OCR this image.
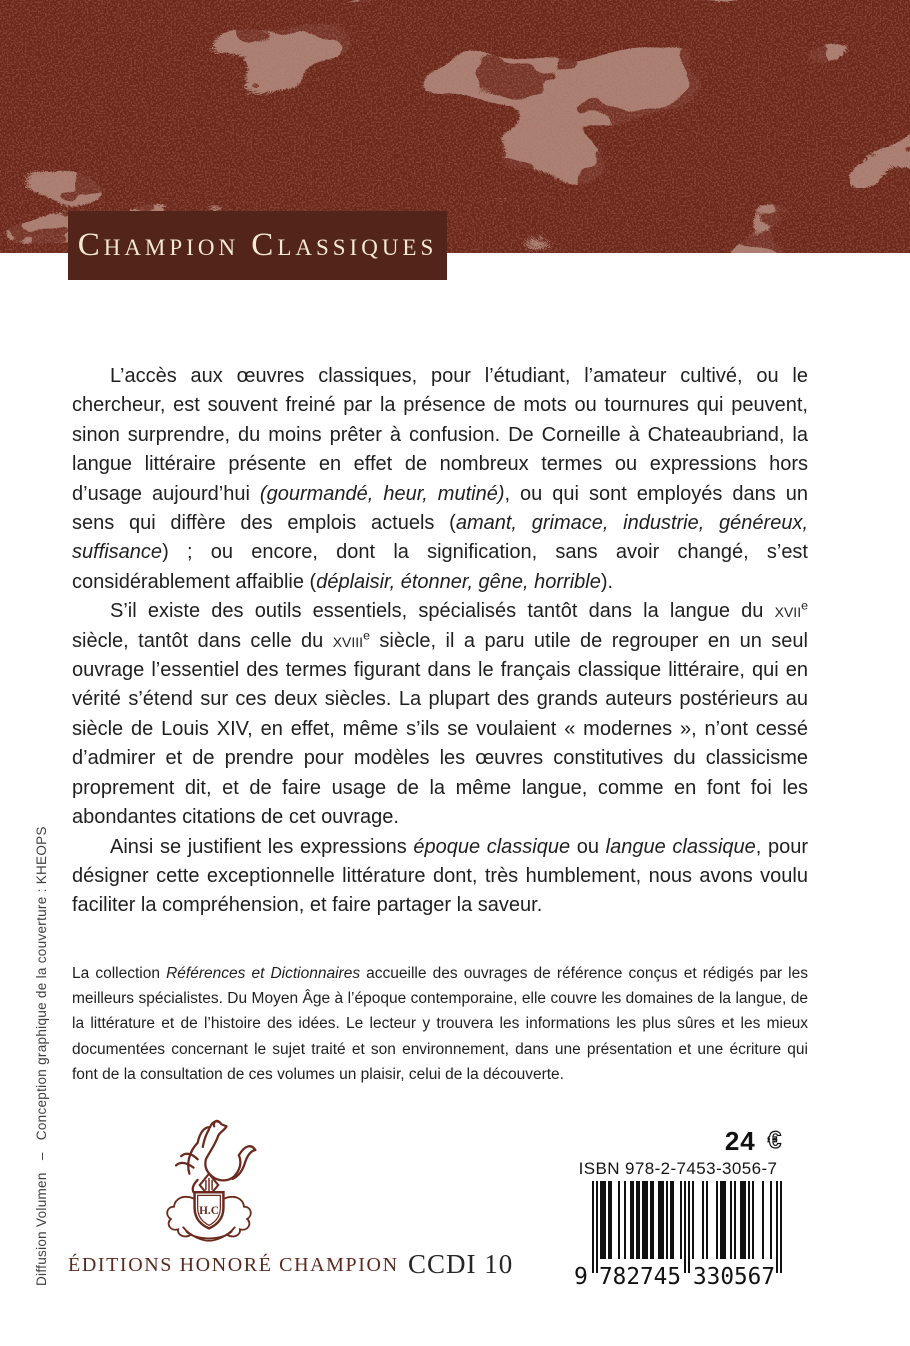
Champion Classiques

L’accès aux œuvres classiques, pour l’étudiant, l’amateur cultivé, ou le chercheur, est souvent freiné par la présence de mots ou tournures qui peuvent, sinon surprendre, du moins prêter à confusion. De Corneille à Chateaubriand, la langue littéraire présente en effet de nombreux termes ou expressions hors d’usage aujourd’hui (gourmandé, heur, mutiné), ou qui sont employés dans un sens qui diffère des emplois actuels (amant, grimace, industrie, généreux, suffisance) ; ou encore, dont la signification, sans avoir changé, s’est considérablement affaiblie (déplaisir, étonner, gêne, horrible).

S’il existe des outils essentiels, spécialisés tantôt dans la langue du xvii$^e$ siècle, tantôt dans celle du xviii$^e$ siècle, il a paru utile de regrouper en un seul ouvrage l’essentiel des termes figurant dans le français classique littéraire, qui en vérité s’étend sur ces deux siècles. La plupart des grands auteurs postérieurs au siècle de Louis XIV, en effet, même s’ils se voulaient « modernes », n’ont cessé d’admirer et de prendre pour modèles les œuvres constitutives du classicisme proprement dit, et de faire usage de la même langue, comme en font foi les abondantes citations de cet ouvrage.

Ainsi se justifient les expressions époque classique ou langue classique, pour désigner cette exceptionnelle littérature dont, très humblement, nous avons voulu faciliter la compréhension, et faire partager la saveur.

La collection Références et Dictionnaires accueille des ouvrages de référence conçus et rédigés par les meilleurs spécialistes. Du Moyen Âge à l’époque contemporaine, elle couvre les domaines de la langue, de la littérature et de l’histoire des idées. Le lecteur y trouvera les informations les plus sûres et les mieux documentées concernant le sujet traité et son environnement, dans une présentation et une écriture qui font de la consultation de ces volumes un plaisir, celui de la découverte.
Diffusion Volumen   –   Conception graphique de la couverture : KHEOPS	H.C
ÉDITIONS HONORÉ CHAMPION CCDI 10
24 €
ISBN 978-2-7453-3056-7
9 782745 330567
